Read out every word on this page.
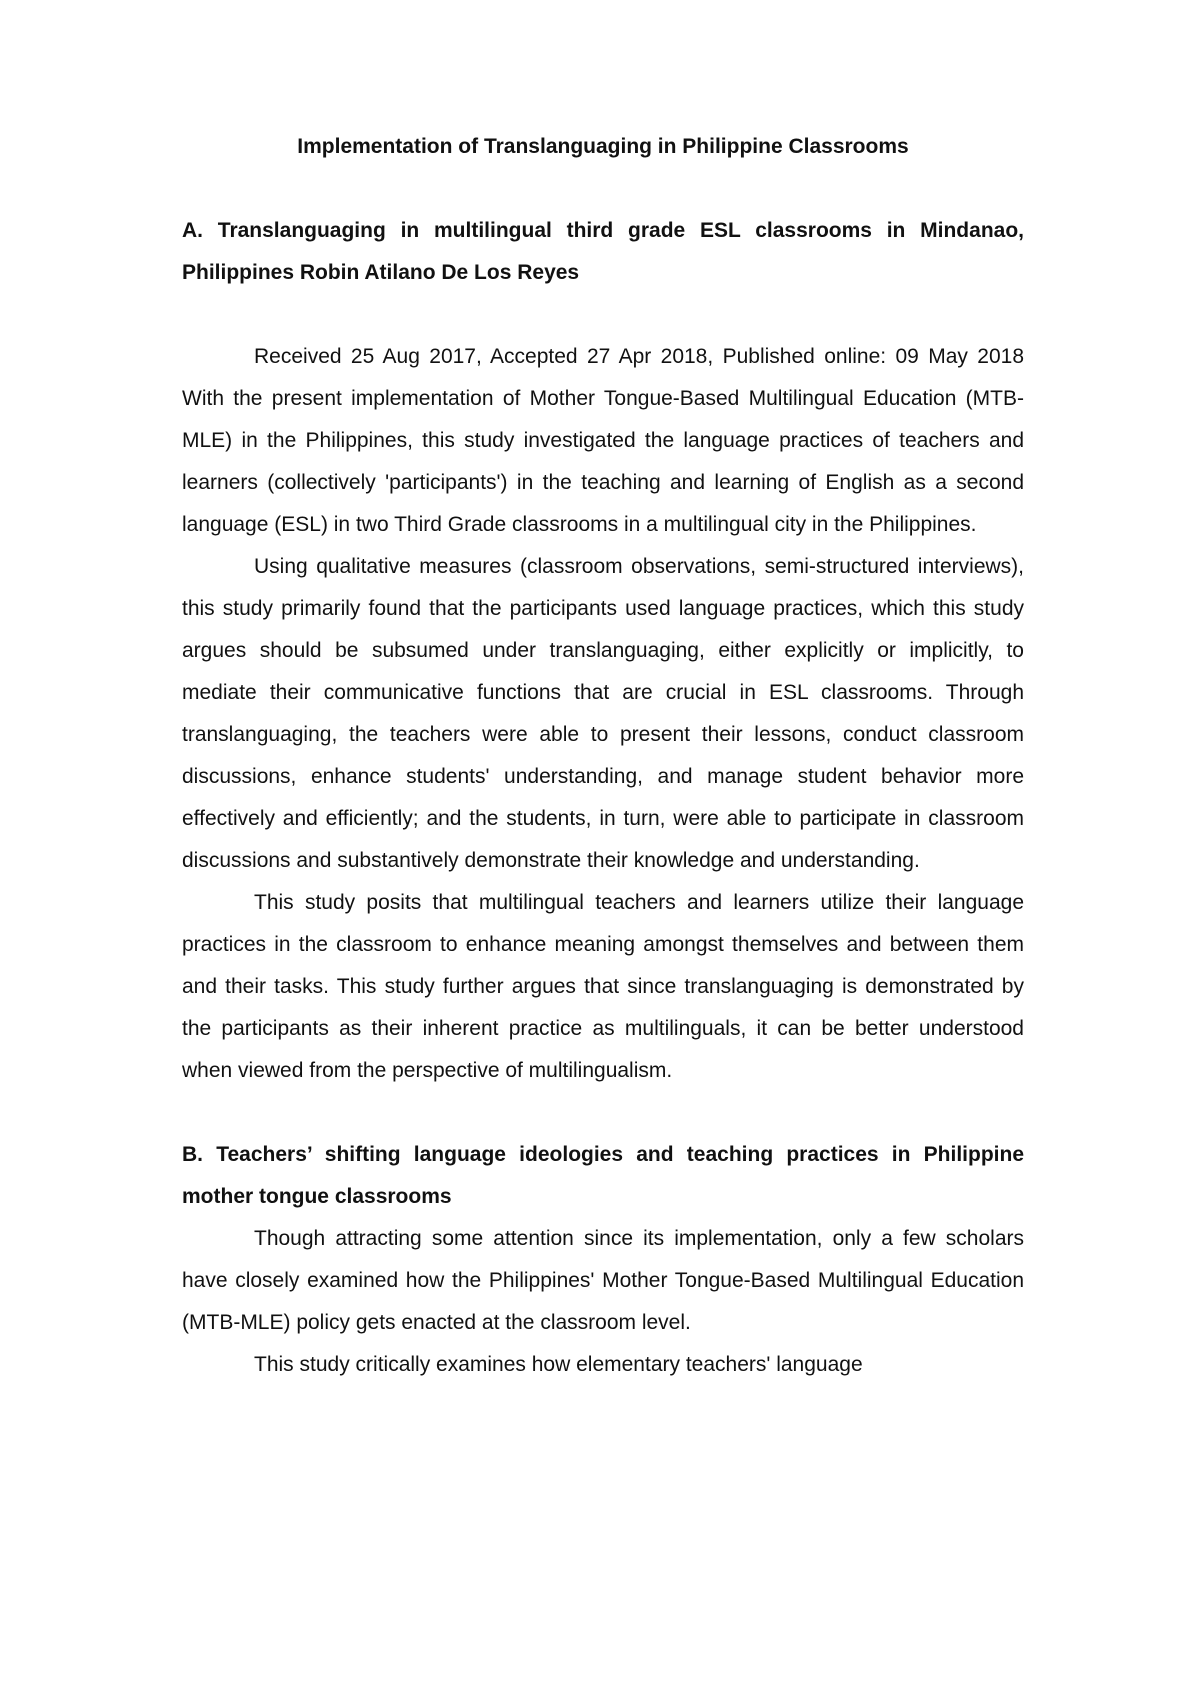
Implementation of Translanguaging in Philippine Classrooms
A. Translanguaging in multilingual third grade ESL classrooms in Mindanao, Philippines Robin Atilano De Los Reyes

Received 25 Aug 2017, Accepted 27 Apr 2018, Published online: 09 May 2018 With the present implementation of Mother Tongue-Based Multilingual Education (MTB-MLE) in the Philippines, this study investigated the language practices of teachers and learners (collectively 'participants') in the teaching and learning of English as a second language (ESL) in two Third Grade classrooms in a multilingual city in the Philippines.

Using qualitative measures (classroom observations, semi-structured interviews), this study primarily found that the participants used language practices, which this study argues should be subsumed under translanguaging, either explicitly or implicitly, to mediate their communicative functions that are crucial in ESL classrooms. Through translanguaging, the teachers were able to present their lessons, conduct classroom discussions, enhance students' understanding, and manage student behavior more effectively and efficiently; and the students, in turn, were able to participate in classroom discussions and substantively demonstrate their knowledge and understanding.

This study posits that multilingual teachers and learners utilize their language practices in the classroom to enhance meaning amongst themselves and between them and their tasks. This study further argues that since translanguaging is demonstrated by the participants as their inherent practice as multilinguals, it can be better understood when viewed from the perspective of multilingualism.

B. Teachers’ shifting language ideologies and teaching practices in Philippine mother tongue classrooms

Though attracting some attention since its implementation, only a few scholars have closely examined how the Philippines' Mother Tongue-Based Multilingual Education (MTB-MLE) policy gets enacted at the classroom level.

This study critically examines how elementary teachers' language
